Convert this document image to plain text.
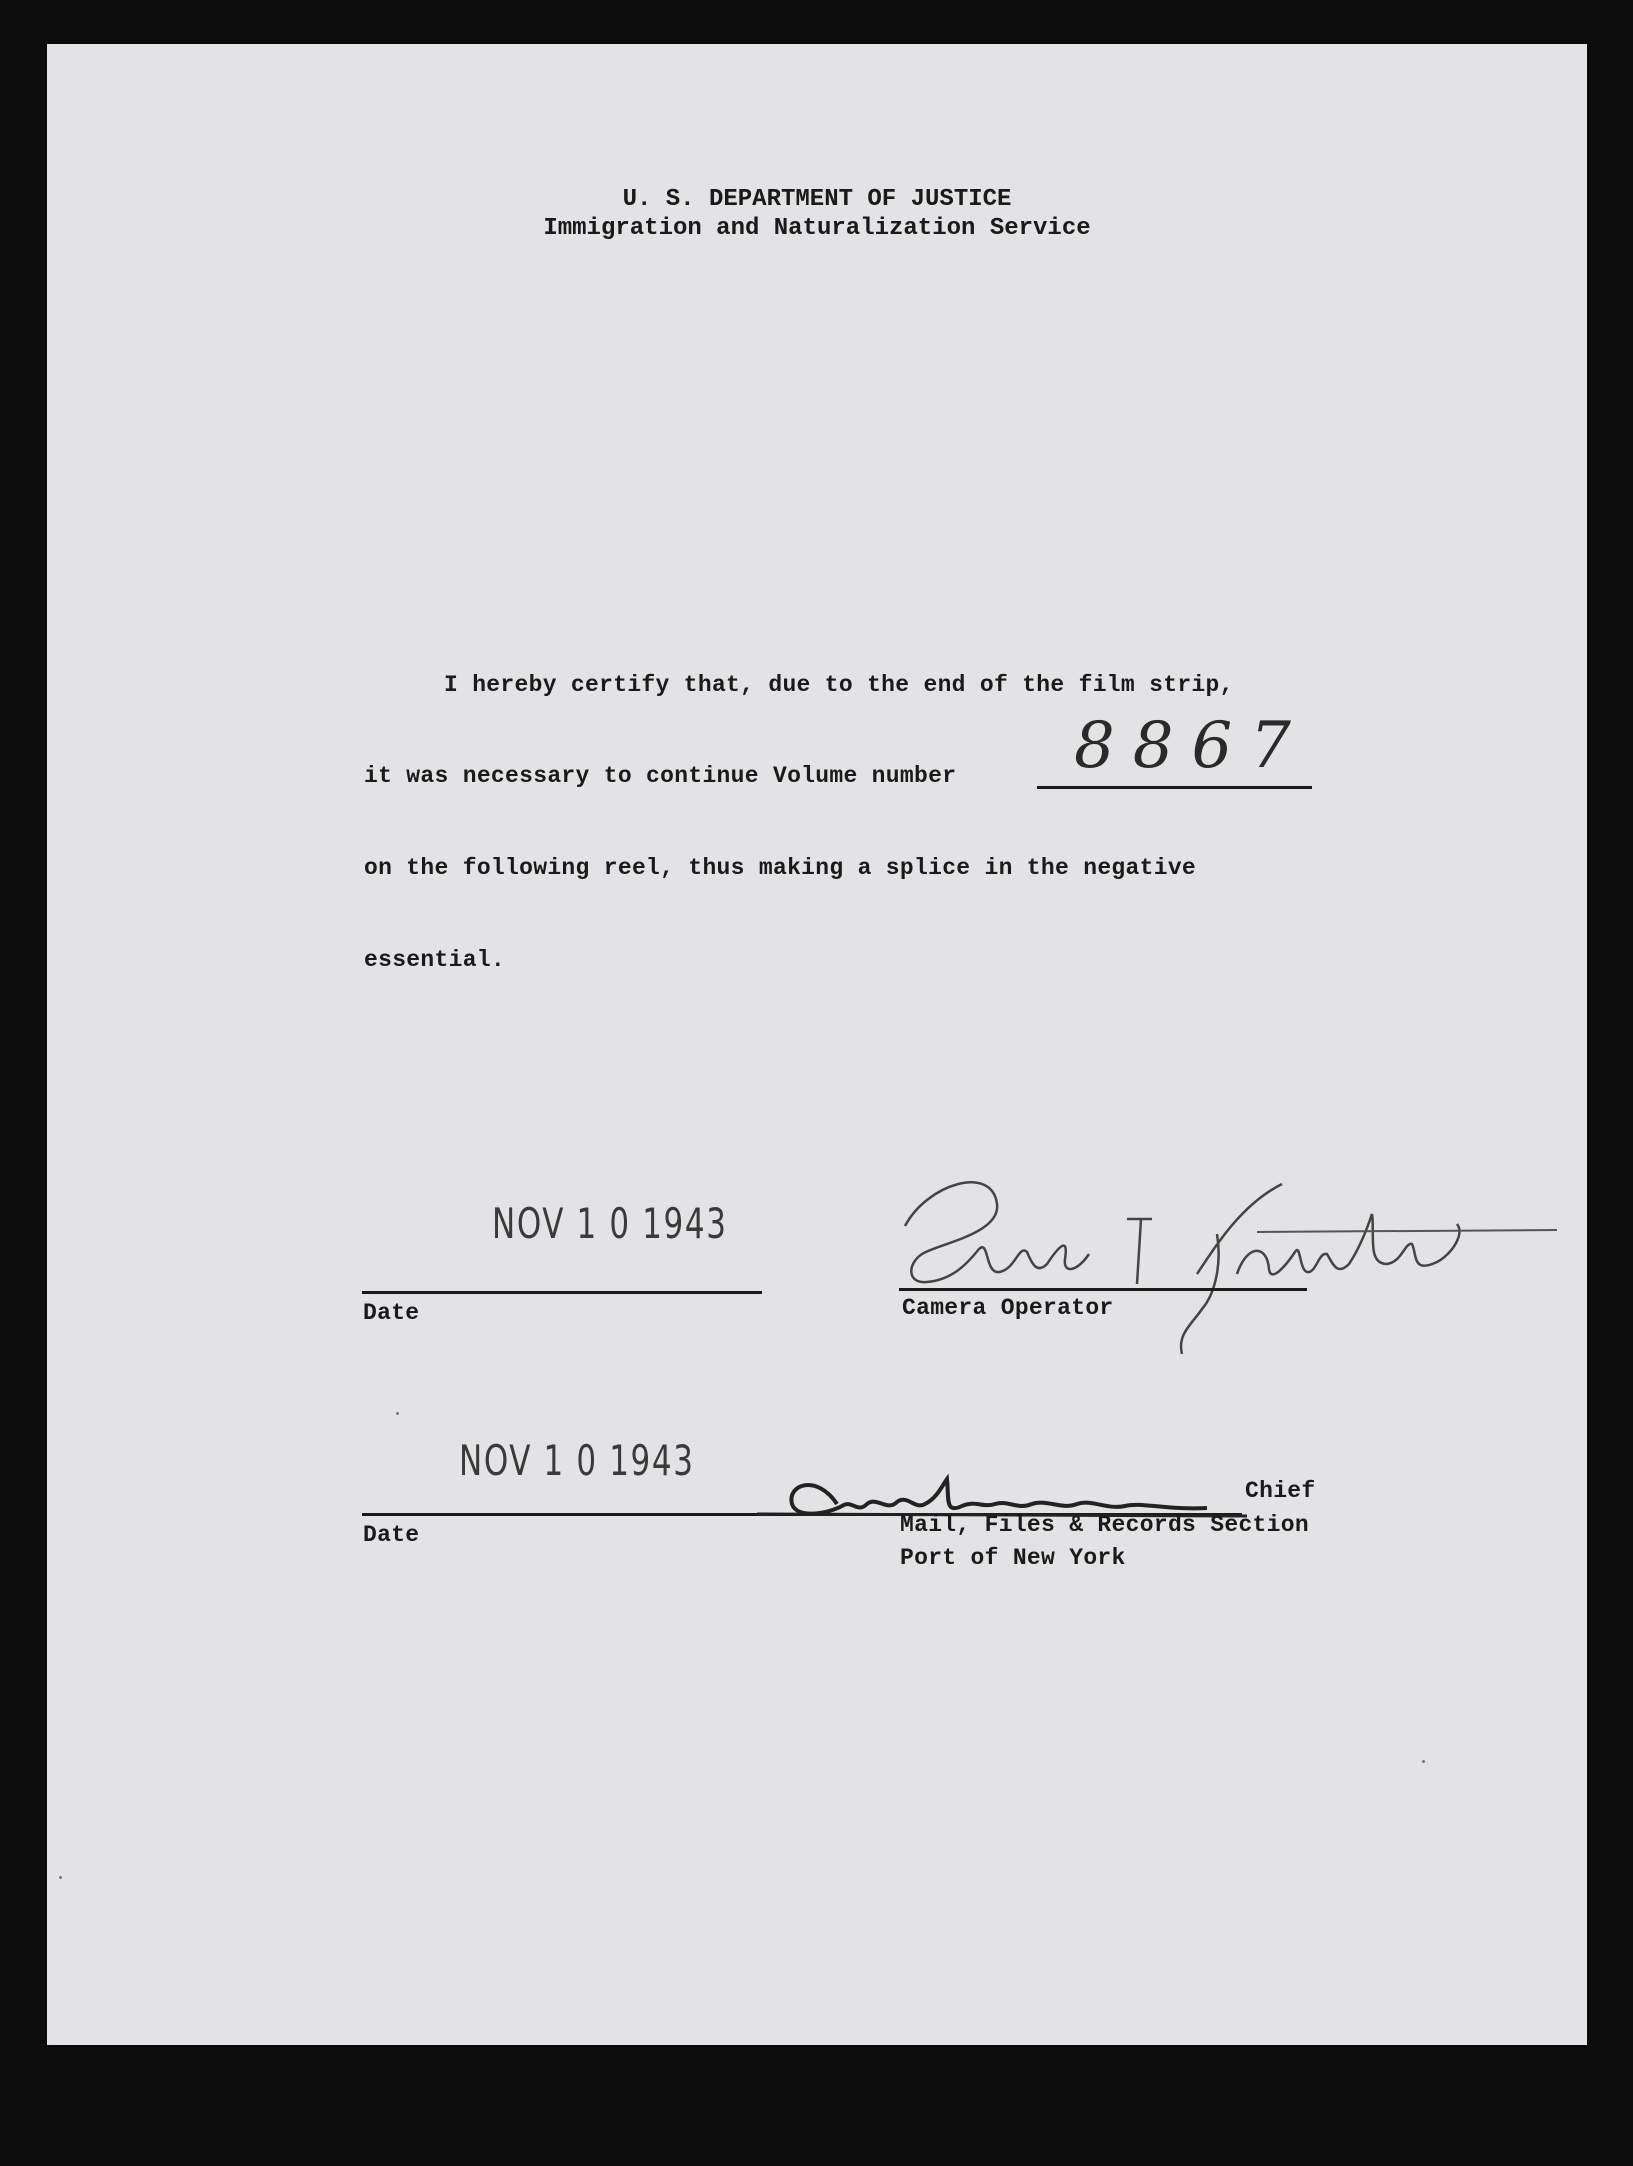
U. S. DEPARTMENT OF JUSTICE
Immigration and Naturalization Service
I hereby certify that, due to the end of the film strip,
it was necessary to continue Volume number 8867
on the following reel, thus making a splice in the negative
essential.
NOV 1 0 1943
Date	Camera Operator
NOV 1 0 1943
Date
Chief
Mail, Files & Records Section
Port of New York
